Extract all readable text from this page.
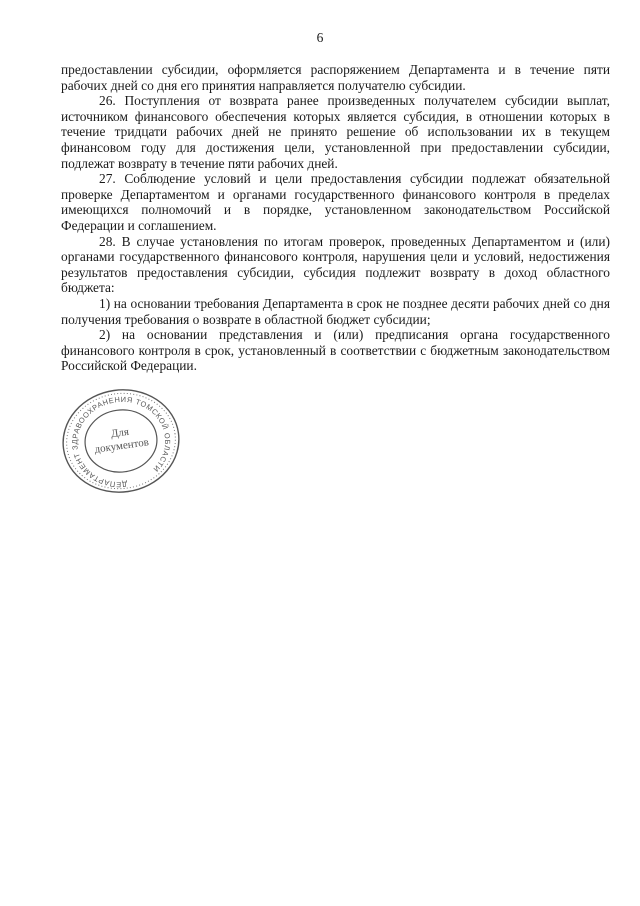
6

предоставлении субсидии, оформляется распоряжением Департамента и в течение пяти рабочих дней со дня его принятия направляется получателю субсидии.

26. Поступления от возврата ранее произведенных получателем субсидии выплат, источником финансового обеспечения которых является субсидия, в отношении которых в течение тридцати рабочих дней не принято решение об использовании их в текущем финансовом году для достижения цели, установленной при предоставлении субсидии, подлежат возврату в течение пяти рабочих дней.

27. Соблюдение условий и цели предоставления субсидии подлежат обязательной проверке Департаментом и органами государственного финансового контроля в пределах имеющихся полномочий и в порядке, установленном законодательством Российской Федерации и соглашением.

28. В случае установления по итогам проверок, проведенных Департаментом и (или) органами государственного финансового контроля, нарушения цели и условий, недостижения результатов предоставления субсидии, субсидия подлежит возврату в доход областного бюджета:

1) на основании требования Департамента в срок не позднее десяти рабочих дней со дня получения требования о возврате в областной бюджет субсидии;

2) на основании представления и (или) предписания органа государственного финансового контроля в срок, установленный в соответствии с бюджетным законодательством Российской Федерации.

ДЕПАРТАМЕНТ ЗДРАВООХРАНЕНИЯ ТОМСКОЙ ОБЛАСТИ
Для
документов
